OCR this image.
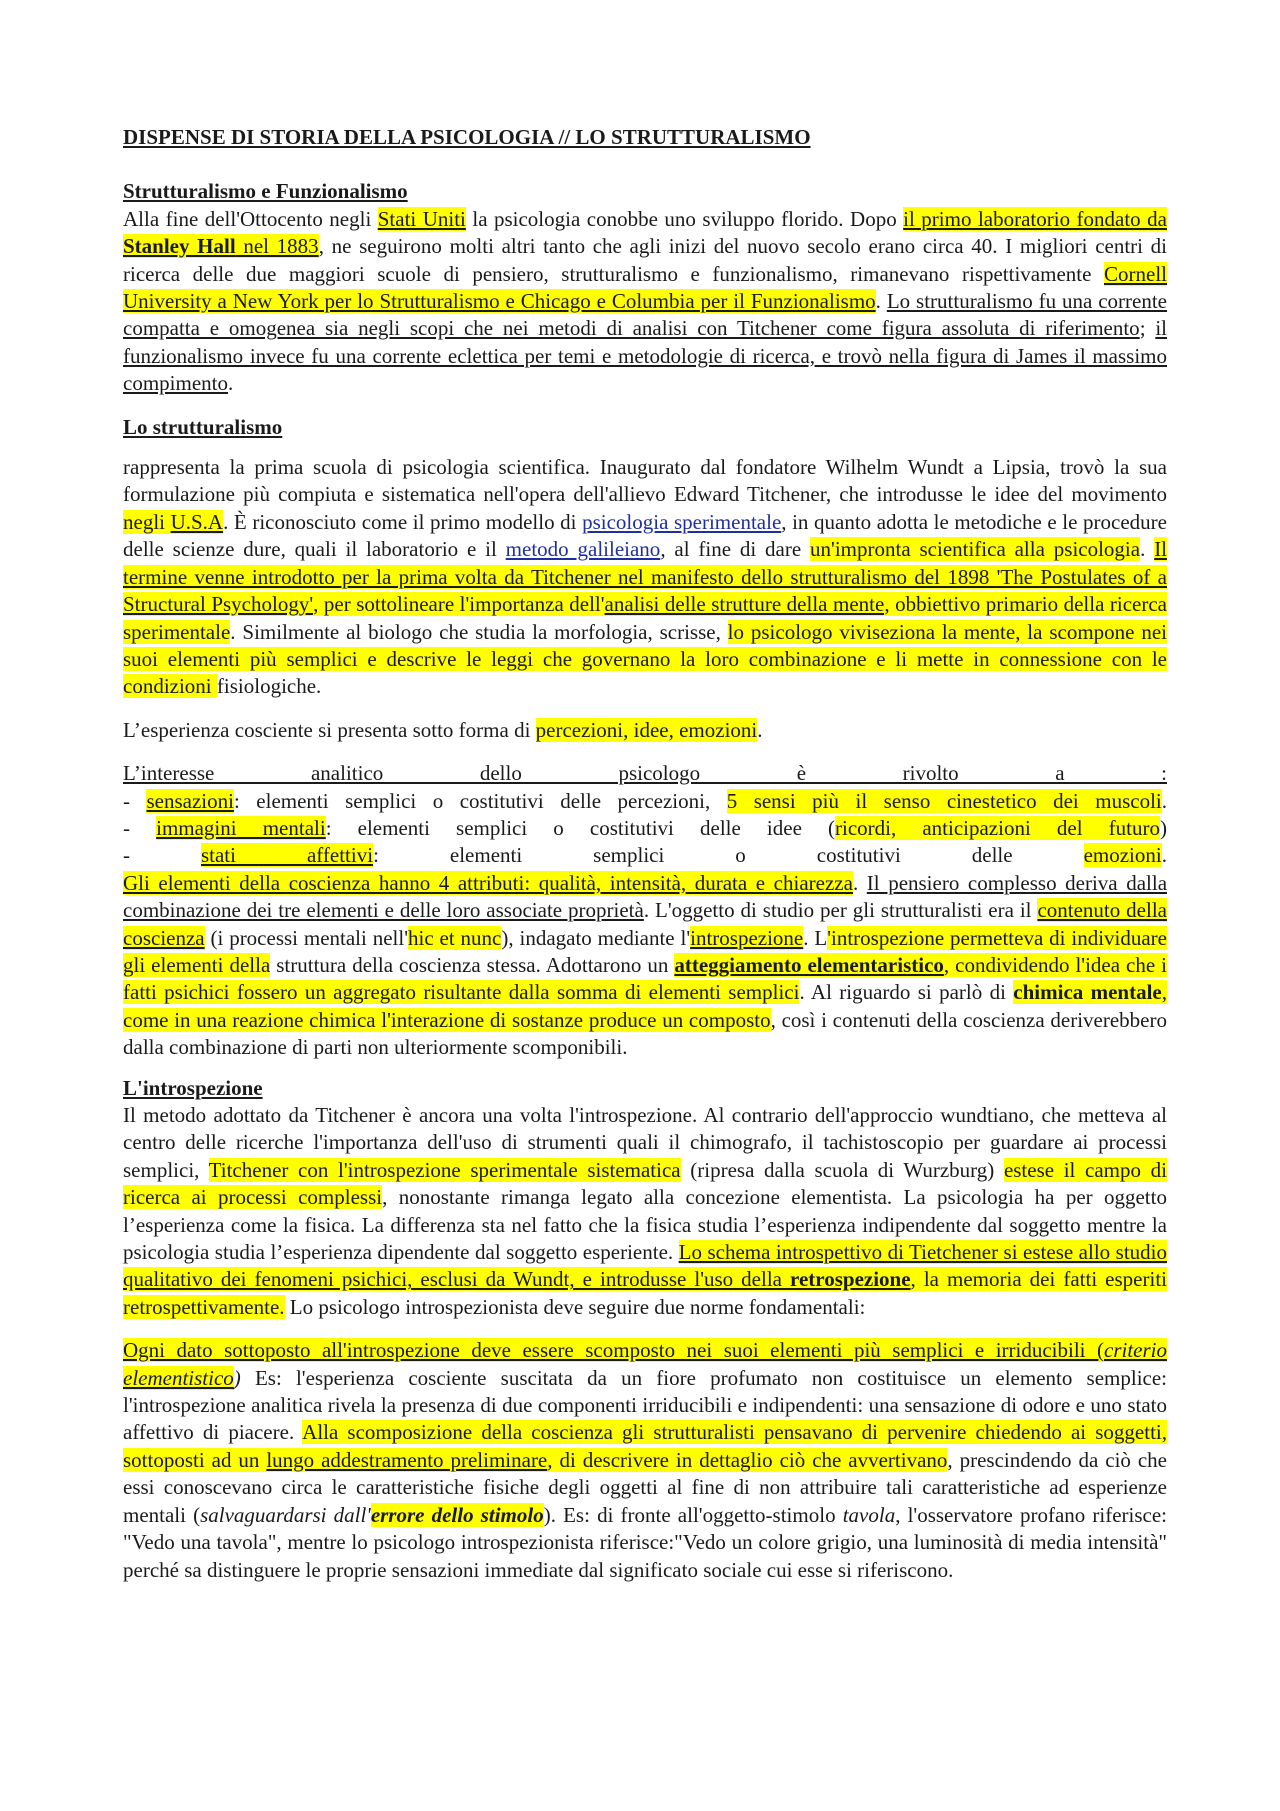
DISPENSE DI STORIA DELLA PSICOLOGIA // LO STRUTTURALISMO
Strutturalismo e Funzionalismo

Alla fine dell'Ottocento negli Stati Uniti la psicologia conobbe uno sviluppo florido. Dopo il primo laboratorio fondato da Stanley Hall nel 1883, ne seguirono molti altri tanto che agli inizi del nuovo secolo erano circa 40. I migliori centri di ricerca delle due maggiori scuole di pensiero, strutturalismo e funzionalismo, rimanevano rispettivamente Cornell University a New York per lo Strutturalismo e Chicago e Columbia per il Funzionalismo. Lo strutturalismo fu una corrente compatta e omogenea sia negli scopi che nei metodi di analisi con Titchener come figura assoluta di riferimento; il funzionalismo invece fu una corrente eclettica per temi e metodologie di ricerca, e trovò nella figura di James il massimo compimento.

Lo strutturalismo

rappresenta la prima scuola di psicologia scientifica. Inaugurato dal fondatore Wilhelm Wundt a Lipsia, trovò la sua formulazione più compiuta e sistematica nell'opera dell'allievo Edward Titchener, che introdusse le idee del movimento negli U.S.A. È riconosciuto come il primo modello di psicologia sperimentale, in quanto adotta le metodiche e le procedure delle scienze dure, quali il laboratorio e il metodo galileiano, al fine di dare un'impronta scientifica alla psicologia. Il termine venne introdotto per la prima volta da Titchener nel manifesto dello strutturalismo del 1898 'The Postulates of a Structural Psychology', per sottolineare l'importanza dell'analisi delle strutture della mente, obbiettivo primario della ricerca sperimentale. Similmente al biologo che studia la morfologia, scrisse, lo psicologo viviseziona la mente, la scompone nei suoi elementi più semplici e descrive le leggi che governano la loro combinazione e li mette in connessione con le condizioni fisiologiche.

L’esperienza cosciente si presenta sotto forma di percezioni, idee, emozioni.

L’interesse analitico dello psicologo è rivolto a :

- sensazioni: elementi semplici o costitutivi delle percezioni, 5 sensi più il senso cinestetico dei muscoli.

- immagini mentali: elementi semplici o costitutivi delle idee (ricordi, anticipazioni del futuro)

- stati affettivi: elementi semplici o costitutivi delle emozioni.

Gli elementi della coscienza hanno 4 attributi: qualità, intensità, durata e chiarezza. Il pensiero complesso deriva dalla combinazione dei tre elementi e delle loro associate proprietà. L'oggetto di studio per gli strutturalisti era il contenuto della coscienza (i processi mentali nell'hic et nunc), indagato mediante l'introspezione. L'introspezione permetteva di individuare gli elementi della struttura della coscienza stessa. Adottarono un atteggiamento elementaristico, condividendo l'idea che i fatti psichici fossero un aggregato risultante dalla somma di elementi semplici. Al riguardo si parlò di chimica mentale, come in una reazione chimica l'interazione di sostanze produce un composto, così i contenuti della coscienza deriverebbero dalla combinazione di parti non ulteriormente scomponibili.

L'introspezione

Il metodo adottato da Titchener è ancora una volta l'introspezione. Al contrario dell'approccio wundtiano, che metteva al centro delle ricerche l'importanza dell'uso di strumenti quali il chimografo, il tachistoscopio per guardare ai processi semplici, Titchener con l'introspezione sperimentale sistematica (ripresa dalla scuola di Wurzburg) estese il campo di ricerca ai processi complessi, nonostante rimanga legato alla concezione elementista. La psicologia ha per oggetto l’esperienza come la fisica. La differenza sta nel fatto che la fisica studia l’esperienza indipendente dal soggetto mentre la psicologia studia l’esperienza dipendente dal soggetto esperiente. Lo schema introspettivo di Tietchener si estese allo studio qualitativo dei fenomeni psichici, esclusi da Wundt, e introdusse l'uso della retrospezione, la memoria dei fatti esperiti retrospettivamente. Lo psicologo introspezionista deve seguire due norme fondamentali:

Ogni dato sottoposto all'introspezione deve essere scomposto nei suoi elementi più semplici e irriducibili (criterio elementistico) Es: l'esperienza cosciente suscitata da un fiore profumato non costituisce un elemento semplice: l'introspezione analitica rivela la presenza di due componenti irriducibili e indipendenti: una sensazione di odore e uno stato affettivo di piacere. Alla scomposizione della coscienza gli strutturalisti pensavano di pervenire chiedendo ai soggetti, sottoposti ad un lungo addestramento preliminare, di descrivere in dettaglio ciò che avvertivano, prescindendo da ciò che essi conoscevano circa le caratteristiche fisiche degli oggetti al fine di non attribuire tali caratteristiche ad esperienze mentali (salvaguardarsi dall'errore dello stimolo). Es: di fronte all'oggetto-stimolo tavola, l'osservatore profano riferisce: "Vedo una tavola", mentre lo psicologo introspezionista riferisce:"Vedo un colore grigio, una luminosità di media intensità" perché sa distinguere le proprie sensazioni immediate dal significato sociale cui esse si riferiscono.
